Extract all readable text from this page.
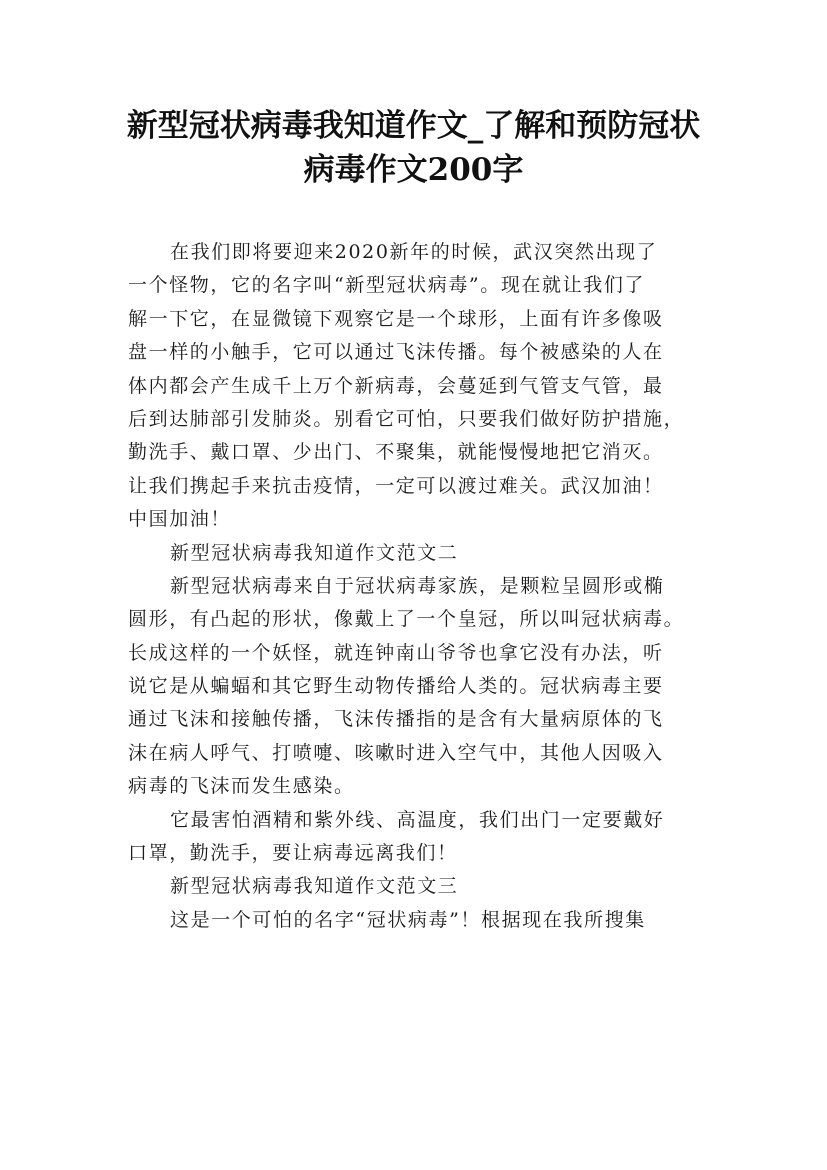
新型冠状病毒我知道作文_了解和预防冠状
病毒作文200字
在我们即将要迎来2020新年的时候，武汉突然出现了
一个怪物，它的名字叫“新型冠状病毒”。现在就让我们了
解一下它，在显微镜下观察它是一个球形，上面有许多像吸
盘一样的小触手，它可以通过飞沫传播。每个被感染的人在
体内都会产生成千上万个新病毒，会蔓延到气管支气管，最
后到达肺部引发肺炎。别看它可怕，只要我们做好防护措施，
勤洗手、戴口罩、少出门、不聚集，就能慢慢地把它消灭。
让我们携起手来抗击疫情，一定可以渡过难关。武汉加油！
中国加油！
新型冠状病毒我知道作文范文二
新型冠状病毒来自于冠状病毒家族，是颗粒呈圆形或椭
圆形，有凸起的形状，像戴上了一个皇冠，所以叫冠状病毒。
长成这样的一个妖怪，就连钟南山爷爷也拿它没有办法，听
说它是从蝙蝠和其它野生动物传播给人类的。冠状病毒主要
通过飞沫和接触传播，飞沫传播指的是含有大量病原体的飞
沫在病人呼气、打喷嚏、咳嗽时进入空气中，其他人因吸入
病毒的飞沫而发生感染。
它最害怕酒精和紫外线、高温度，我们出门一定要戴好
口罩，勤洗手，要让病毒远离我们！
新型冠状病毒我知道作文范文三
这是一个可怕的名字“冠状病毒”！根据现在我所搜集
